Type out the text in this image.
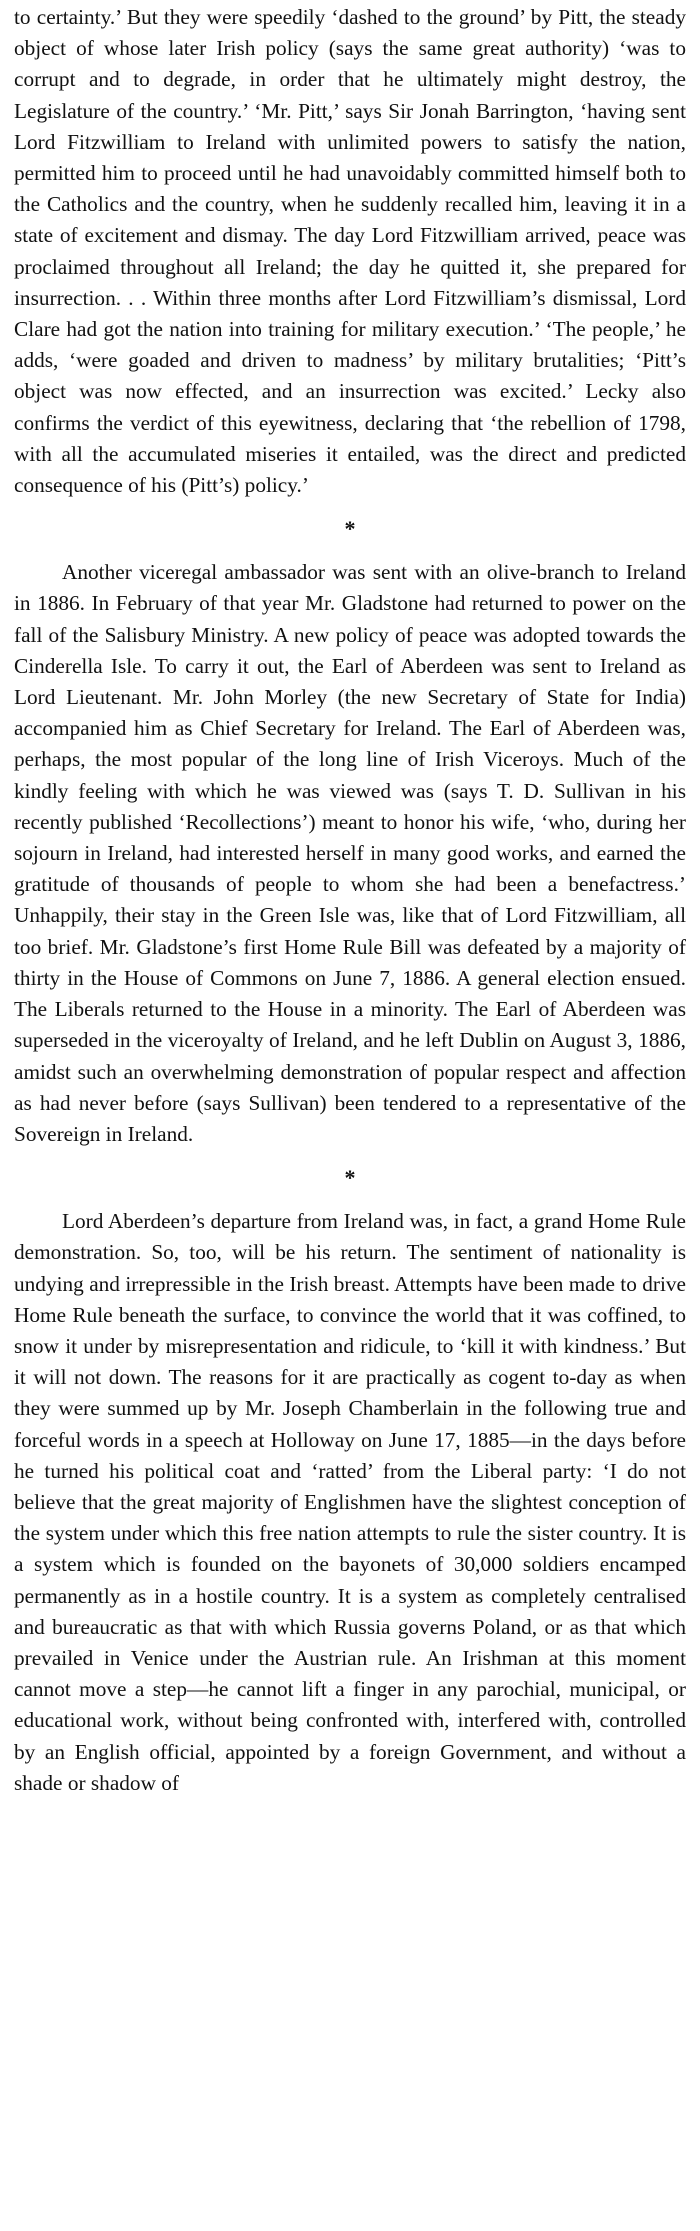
to certainty.’ But they were speedily ‘dashed to the ground’ by Pitt, the steady object of whose later Irish policy (says the same great authority) ‘was to corrupt and to degrade, in order that he ultimately might destroy, the Legislature of the country.’ ‘Mr. Pitt,’ says Sir Jonah Barrington, ‘having sent Lord Fitzwilliam to Ireland with unlimited powers to satisfy the nation, permitted him to proceed until he had unavoidably committed himself both to the Catholics and the country, when he suddenly recalled him, leaving it in a state of excitement and dismay. The day Lord Fitzwilliam arrived, peace was proclaimed throughout all Ireland; the day he quitted it, she prepared for insurrection. . . Within three months after Lord Fitzwilliam’s dismissal, Lord Clare had got the nation into training for military execution.’ ‘The people,’ he adds, ‘were goaded and driven to madness’ by military brutalities; ‘Pitt’s object was now effected, and an insurrection was excited.’ Lecky also confirms the verdict of this eyewitness, declaring that ‘the rebellion of 1798, with all the accumulated miseries it entailed, was the direct and predicted consequence of his (Pitt’s) policy.’

*

Another viceregal ambassador was sent with an olive-branch to Ireland in 1886. In February of that year Mr. Gladstone had returned to power on the fall of the Salisbury Ministry. A new policy of peace was adopted towards the Cinderella Isle. To carry it out, the Earl of Aberdeen was sent to Ireland as Lord Lieutenant. Mr. John Morley (the new Secretary of State for India) accompanied him as Chief Secretary for Ireland. The Earl of Aberdeen was, perhaps, the most popular of the long line of Irish Viceroys. Much of the kindly feeling with which he was viewed was (says T. D. Sullivan in his recently published ‘Recollections’) meant to honor his wife, ‘who, during her sojourn in Ireland, had interested herself in many good works, and earned the gratitude of thousands of people to whom she had been a benefactress.’ Unhappily, their stay in the Green Isle was, like that of Lord Fitzwilliam, all too brief. Mr. Gladstone’s first Home Rule Bill was defeated by a majority of thirty in the House of Commons on June 7, 1886. A general election ensued. The Liberals returned to the House in a minority. The Earl of Aberdeen was superseded in the viceroyalty of Ireland, and he left Dublin on August 3, 1886, amidst such an overwhelming demonstration of popular respect and affection as had never before (says Sullivan) been tendered to a representative of the Sovereign in Ireland.

*

Lord Aberdeen’s departure from Ireland was, in fact, a grand Home Rule demonstration. So, too, will be his return. The sentiment of nationality is undying and irrepressible in the Irish breast. Attempts have been made to drive Home Rule beneath the surface, to convince the world that it was coffined, to snow it under by misrepresentation and ridicule, to ‘kill it with kindness.’ But it will not down. The reasons for it are practically as cogent to-day as when they were summed up by Mr. Joseph Chamberlain in the following true and forceful words in a speech at Holloway on June 17, 1885—in the days before he turned his political coat and ‘ratted’ from the Liberal party: ‘I do not believe that the great majority of Englishmen have the slightest conception of the system under which this free nation attempts to rule the sister country. It is a system which is founded on the bayonets of 30,000 soldiers encamped permanently as in a hostile country. It is a system as completely centralised and bureaucratic as that with which Russia governs Poland, or as that which prevailed in Venice under the Austrian rule. An Irishman at this moment cannot move a step—he cannot lift a finger in any parochial, municipal, or educational work, without being confronted with, interfered with, controlled by an English official, appointed by a foreign Government, and without a shade or shadow of
